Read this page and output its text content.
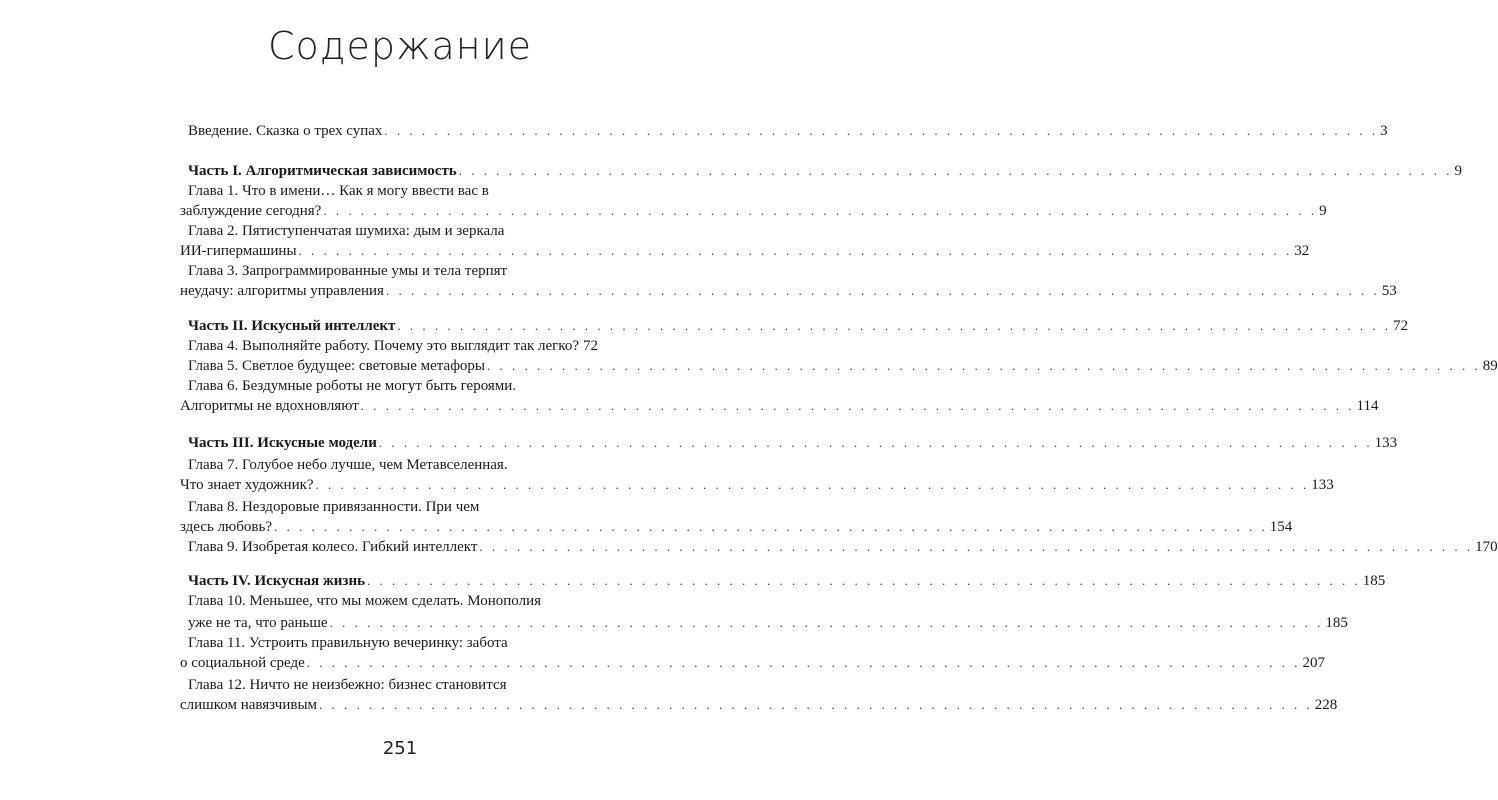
Содержание
Введение. Сказка о трех супах . . . . . . . . . . . . . . . . . . . . . . . . . . . . . . . . . . . . . . . . . . . . . . . . . . . . . . . . . . . . . . . . . . . . . . . . . . . . . . . . 3
Часть I. Алгоритмическая зависимость . . . . . . . . . . . . . . . . . . . . . . . . . . . . . . . . . . . . . . . . . . . . . . . . . . . . . . . . . . . . . . . . . . . . . . . . . . . . . . . . 9
Глава 1. Что в имени… Как я могу ввести вас в
заблуждение сегодня? . . . . . . . . . . . . . . . . . . . . . . . . . . . . . . . . . . . . . . . . . . . . . . . . . . . . . . . . . . . . . . . . . . . . . . . . . . . . . . . . 9
Глава 2. Пятиступенчатая шумиха: дым и зеркала
ИИ-гипермашины . . . . . . . . . . . . . . . . . . . . . . . . . . . . . . . . . . . . . . . . . . . . . . . . . . . . . . . . . . . . . . . . . . . . . . . . . . . . . . . . 32
Глава 3. Запрограммированные умы и тела терпят
неудачу: алгоритмы управления . . . . . . . . . . . . . . . . . . . . . . . . . . . . . . . . . . . . . . . . . . . . . . . . . . . . . . . . . . . . . . . . . . . . . . . . . . . . . . . . 53
Часть II. Искусный интеллект . . . . . . . . . . . . . . . . . . . . . . . . . . . . . . . . . . . . . . . . . . . . . . . . . . . . . . . . . . . . . . . . . . . . . . . . . . . . . . . . 72
Глава 4. Выполняйте работу. Почему это выглядит так легко? 72
Глава 5. Светлое будущее: световые метафоры . . . . . . . . . . . . . . . . . . . . . . . . . . . . . . . . . . . . . . . . . . . . . . . . . . . . . . . . . . . . . . . . . . . . . . . . . . . . . . . . 89
Глава 6. Бездумные роботы не могут быть героями.
Алгоритмы не вдохновляют . . . . . . . . . . . . . . . . . . . . . . . . . . . . . . . . . . . . . . . . . . . . . . . . . . . . . . . . . . . . . . . . . . . . . . . . . . . . . . . . 114
Часть III. Искусные модели . . . . . . . . . . . . . . . . . . . . . . . . . . . . . . . . . . . . . . . . . . . . . . . . . . . . . . . . . . . . . . . . . . . . . . . . . . . . . . . . 133
Глава 7. Голубое небо лучше, чем Метавселенная.
Что знает художник? . . . . . . . . . . . . . . . . . . . . . . . . . . . . . . . . . . . . . . . . . . . . . . . . . . . . . . . . . . . . . . . . . . . . . . . . . . . . . . . . 133
Глава 8. Нездоровые привязанности. При чем
здесь любовь? . . . . . . . . . . . . . . . . . . . . . . . . . . . . . . . . . . . . . . . . . . . . . . . . . . . . . . . . . . . . . . . . . . . . . . . . . . . . . . . . 154
Глава 9. Изобретая колесо. Гибкий интеллект . . . . . . . . . . . . . . . . . . . . . . . . . . . . . . . . . . . . . . . . . . . . . . . . . . . . . . . . . . . . . . . . . . . . . . . . . . . . . . . . 170
Часть IV. Искусная жизнь . . . . . . . . . . . . . . . . . . . . . . . . . . . . . . . . . . . . . . . . . . . . . . . . . . . . . . . . . . . . . . . . . . . . . . . . . . . . . . . . 185
Глава 10. Меньшее, что мы можем сделать. Монополия
уже не та, что раньше . . . . . . . . . . . . . . . . . . . . . . . . . . . . . . . . . . . . . . . . . . . . . . . . . . . . . . . . . . . . . . . . . . . . . . . . . . . . . . . . 185
Глава 11. Устроить правильную вечеринку: забота
о социальной среде . . . . . . . . . . . . . . . . . . . . . . . . . . . . . . . . . . . . . . . . . . . . . . . . . . . . . . . . . . . . . . . . . . . . . . . . . . . . . . . . 207
Глава 12. Ничто не неизбежно: бизнес становится
слишком навязчивым . . . . . . . . . . . . . . . . . . . . . . . . . . . . . . . . . . . . . . . . . . . . . . . . . . . . . . . . . . . . . . . . . . . . . . . . . . . . . . . . 228
251
